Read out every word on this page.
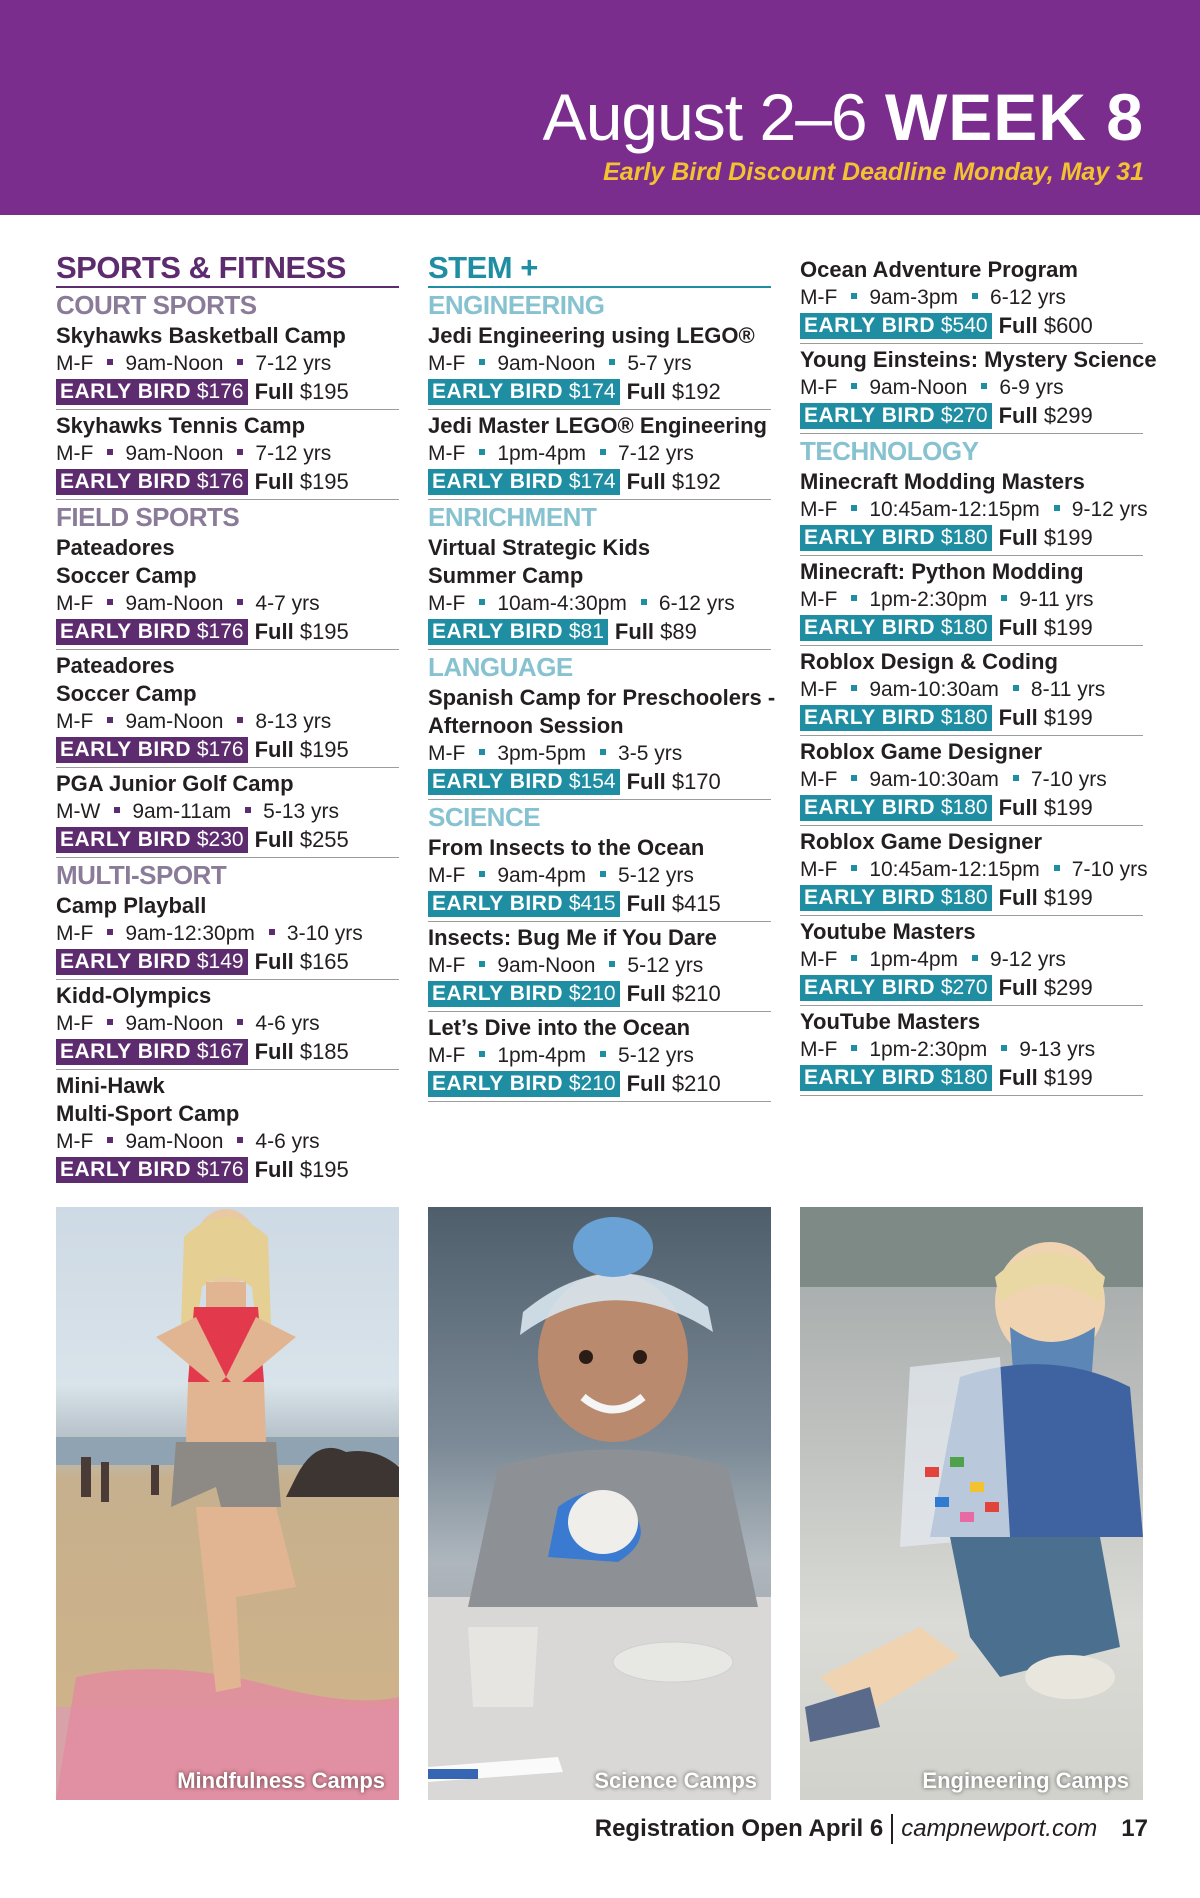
August 2–6 WEEK 8
Early Bird Discount Deadline Monday, May 31
SPORTS & FITNESS
COURT SPORTS
Skyhawks Basketball Camp
M-F 9am-Noon 7-12 yrs
EARLY BIRD $176 Full $195
Skyhawks Tennis Camp
M-F 9am-Noon 7-12 yrs
EARLY BIRD $176 Full $195
FIELD SPORTS
Pateadores
Soccer Camp
M-F 9am-Noon 4-7 yrs
EARLY BIRD $176 Full $195
Pateadores
Soccer Camp
M-F 9am-Noon 8-13 yrs
EARLY BIRD $176 Full $195
PGA Junior Golf Camp
M-W 9am-11am 5-13 yrs
EARLY BIRD $230 Full $255
MULTI-SPORT
Camp Playball
M-F 9am-12:30pm 3-10 yrs
EARLY BIRD $149 Full $165
Kidd-Olympics
M-F 9am-Noon 4-6 yrs
EARLY BIRD $167 Full $185
Mini-Hawk
Multi-Sport Camp
M-F 9am-Noon 4-6 yrs
EARLY BIRD $176 Full $195
STEM +
ENGINEERING
Jedi Engineering using LEGO®
M-F 9am-Noon 5-7 yrs
EARLY BIRD $174 Full $192
Jedi Master LEGO® Engineering
M-F 1pm-4pm 7-12 yrs
EARLY BIRD $174 Full $192
ENRICHMENT
Virtual Strategic Kids
Summer Camp
M-F 10am-4:30pm 6-12 yrs
EARLY BIRD $81 Full $89
LANGUAGE
Spanish Camp for Preschoolers -
Afternoon Session
M-F 3pm-5pm 3-5 yrs
EARLY BIRD $154 Full $170
SCIENCE
From Insects to the Ocean
M-F 9am-4pm 5-12 yrs
EARLY BIRD $415 Full $415
Insects: Bug Me if You Dare
M-F 9am-Noon 5-12 yrs
EARLY BIRD $210 Full $210
Let’s Dive into the Ocean
M-F 1pm-4pm 5-12 yrs
EARLY BIRD $210 Full $210
Ocean Adventure Program
M-F 9am-3pm 6-12 yrs
EARLY BIRD $540 Full $600
Young Einsteins: Mystery Science
M-F 9am-Noon 6-9 yrs
EARLY BIRD $270 Full $299
TECHNOLOGY
Minecraft Modding Masters
M-F 10:45am-12:15pm 9-12 yrs
EARLY BIRD $180 Full $199
Minecraft: Python Modding
M-F 1pm-2:30pm 9-11 yrs
EARLY BIRD $180 Full $199
Roblox Design & Coding
M-F 9am-10:30am 8-11 yrs
EARLY BIRD $180 Full $199
Roblox Game Designer
M-F 9am-10:30am 7-10 yrs
EARLY BIRD $180 Full $199
Roblox Game Designer
M-F 10:45am-12:15pm 7-10 yrs
EARLY BIRD $180 Full $199
Youtube Masters
M-F 1pm-4pm 9-12 yrs
EARLY BIRD $270 Full $299
YouTube Masters
M-F 1pm-2:30pm 9-13 yrs
EARLY BIRD $180 Full $199
Mindfulness Camps	Science Camps	Engineering Camps
Registration Open April 6 campnewport.com 17
